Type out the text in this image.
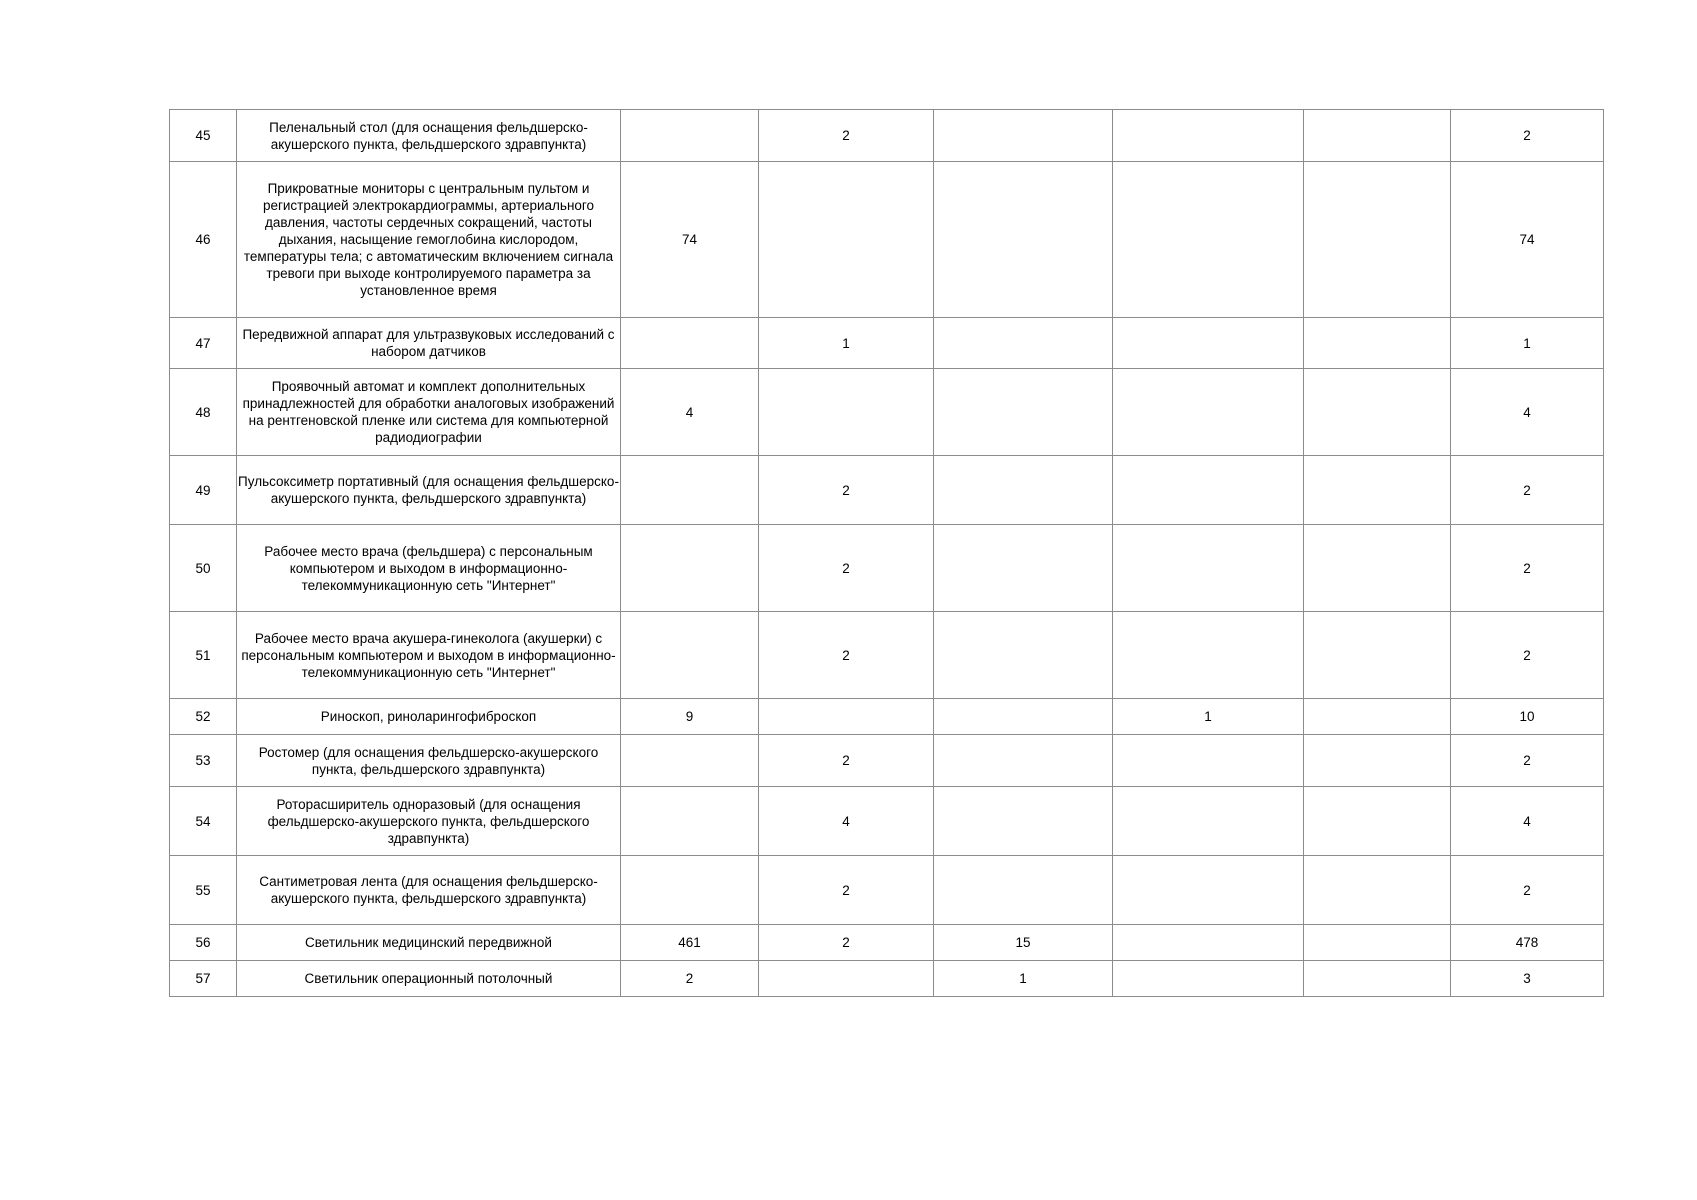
45	Пеленальный стол (для оснащения фельдшерско-акушерского пункта, фельдшерского здравпункта)		2				2
46	Прикроватные мониторы с центральным пультом и регистрацией электрокардиограммы, артериального давления, частоты сердечных сокращений, частоты дыхания, насыщение гемоглобина кислородом, температуры тела; с автоматическим включением сигнала тревоги при выходе контролируемого параметра за установленное время	74					74
47	Передвижной аппарат для ультразвуковых исследований с набором датчиков		1				1
48	Проявочный автомат и комплект дополнительных принадлежностей для обработки аналоговых изображений на рентгеновской пленке или система для компьютерной радиодиографии	4					4
49	Пульсоксиметр портативный (для оснащения фельдшерско-акушерского пункта, фельдшерского здравпункта)		2				2
50	Рабочее место врача (фельдшера) с персональным компьютером и выходом в информационно-телекоммуникационную сеть "Интернет"		2				2
51	Рабочее место врача акушера-гинеколога (акушерки) с персональным компьютером и выходом в информационно-телекоммуникационную сеть "Интернет"		2				2
52	Риноскоп, риноларингофиброскоп	9			1		10
53	Ростомер (для оснащения фельдшерско-акушерского пункта, фельдшерского здравпункта)		2				2
54	Роторасширитель одноразовый (для оснащения фельдшерско-акушерского пункта, фельдшерского здравпункта)		4				4
55	Сантиметровая лента (для оснащения фельдшерско-акушерского пункта, фельдшерского здравпункта)		2				2
56	Светильник медицинский передвижной	461	2	15			478
57	Светильник операционный потолочный	2		1			3
